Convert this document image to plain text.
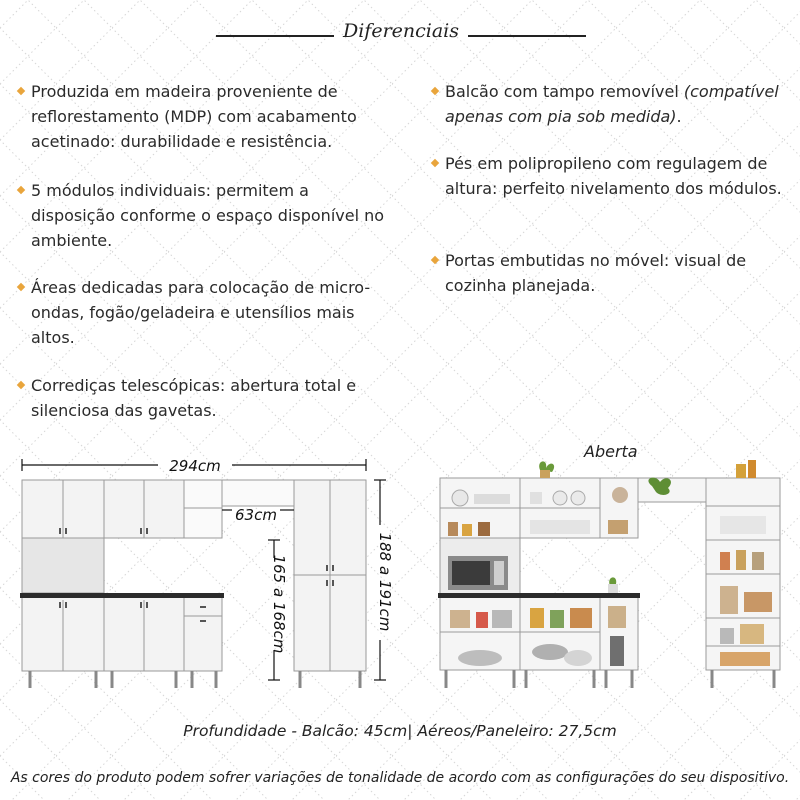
Diferenciais
Produzida em madeira proveniente de reflorestamento (MDP) com acabamento acetinado: durabilidade e resistência.
5 módulos individuais: permitem a disposição conforme o espaço disponível no ambiente.
Áreas dedicadas para colocação de micro-ondas, fogão/geladeira e utensílios mais altos.
Corrediças telescópicas: abertura total e silenciosa das gavetas.
Balcão com tampo removível (compatível apenas com pia sob medida).
Pés em polipropileno com regulagem de altura: perfeito nivelamento dos módulos.
Portas embutidas no móvel: visual de cozinha planejada.
294cm
63cm
165 a 168cm	188 a 191cm
Aberta
Profundidade - Balcão: 45cm| Aéreos/Paneleiro: 27,5cm
As cores do produto podem sofrer variações de tonalidade de acordo com as configurações do seu dispositivo.
